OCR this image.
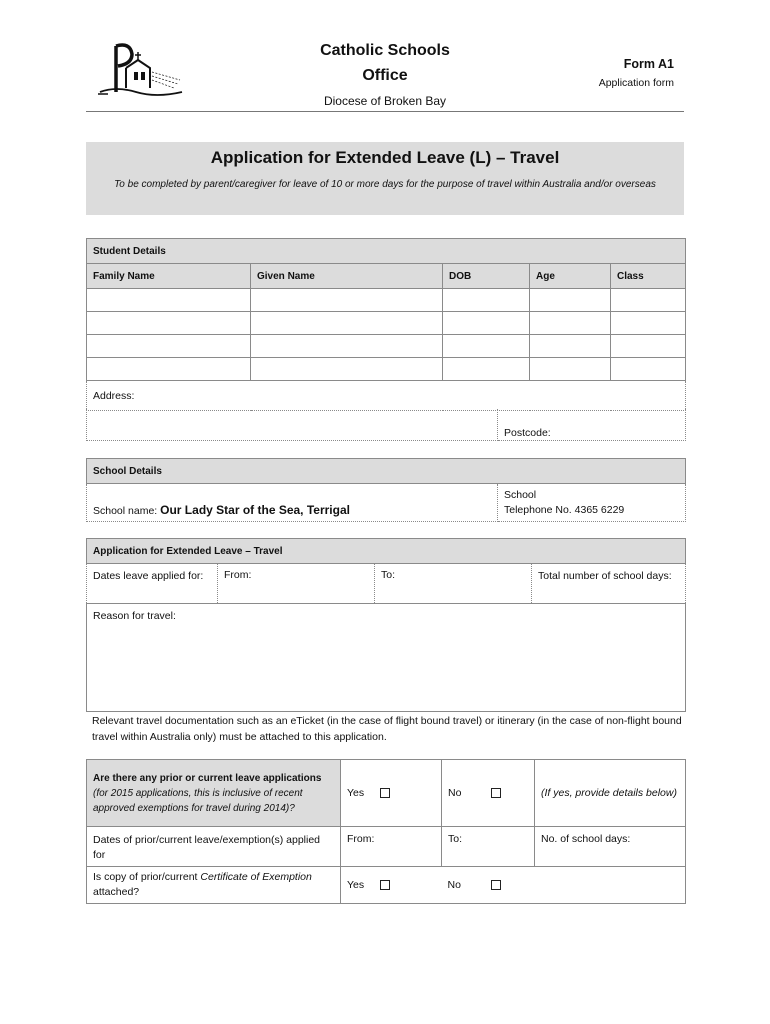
Catholic Schools
Office
Diocese of Broken Bay
Form A1
Application form
Application for Extended Leave (L) – Travel
To be completed by parent/caregiver for leave of 10 or more days for the purpose of travel within Australia and/or overseas
Student Details				
Family Name	Given Name	DOB	Age	Class

Address:				
	Postcode:
School Details
School name: Our Lady Star of the Sea, Terrigal	
School
Telephone No. 4365 6229
Application for Extended Leave – Travel
Dates leave applied for:	From:	To:	Total number of school days:
Reason for travel:
Relevant travel documentation such as an eTicket (in the case of flight bound travel) or itinerary (in the case of non-flight bound travel within Australia only) must be attached to this application.
Are there any prior or current leave applications (for 2015 applications, this is inclusive of recent approved exemptions for travel during 2014)?	Yes	No	(If yes, provide details below)
Dates of prior/current leave/exemption(s) applied for	From:	To:	No. of school days:
Is copy of prior/current Certificate of Exemption attached?	Yes	No	
